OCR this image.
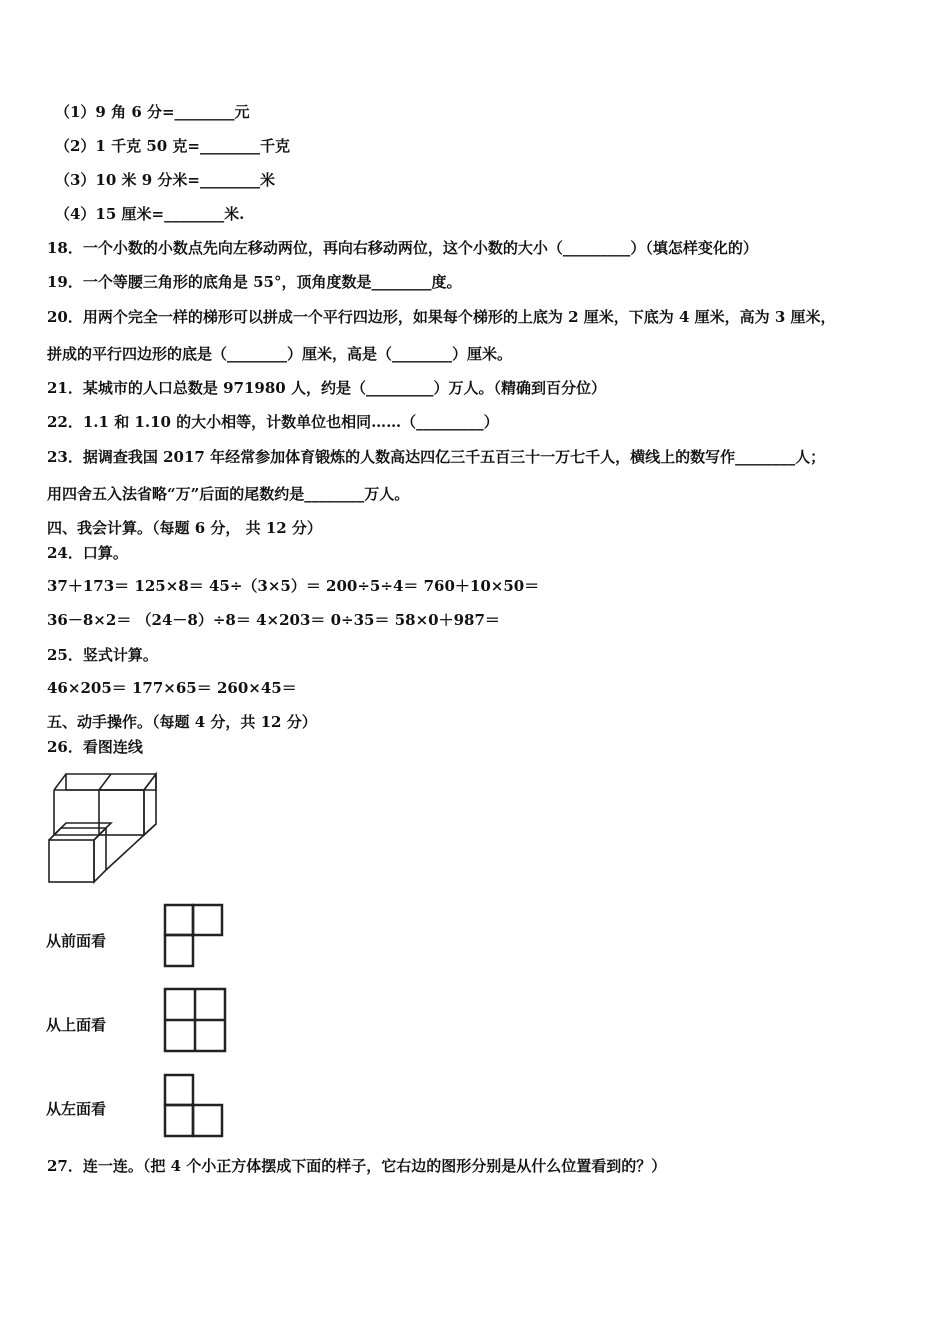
（1）9 角 6 分=________元
（2）1 千克 50 克=________千克
（3）10 米 9 分米=________米
（4）15 厘米=________米.
18．一个小数的小数点先向左移动两位，再向右移动两位，这个小数的大小（_________）（填怎样变化的）
19．一个等腰三角形的底角是 55°，顶角度数是________度。
20．用两个完全一样的梯形可以拼成一个平行四边形，如果每个梯形的上底为 2 厘米，下底为 4 厘米，高为 3 厘米，
拼成的平行四边形的底是（________）厘米，高是（________）厘米。
21．某城市的人口总数是 971980 人，约是（_________）万人。（精确到百分位）
22．1.1 和 1.10 的大小相等，计数单位也相同……（_________）
23．据调查我国 2017 年经常参加体育锻炼的人数高达四亿三千五百三十一万七千人，横线上的数写作________人；
用四舍五入法省略“万”后面的尾数约是________万人。
四、我会计算。（每题 6 分， 共 12 分）
24．口算。
37＋173＝ 125×8＝ 45÷（3×5）＝ 200÷5÷4＝ 760＋10×50＝
36－8×2＝ （24－8）÷8＝ 4×203＝ 0÷35＝ 58×0＋987＝
25．竖式计算。
46×205＝ 177×65＝ 260×45＝
五、动手操作。（每题 4 分，共 12 分）
26．看图连线
从前面看
从上面看
从左面看
27．连一连。（把 4 个小正方体摆成下面的样子，它右边的图形分别是从什么位置看到的？）
